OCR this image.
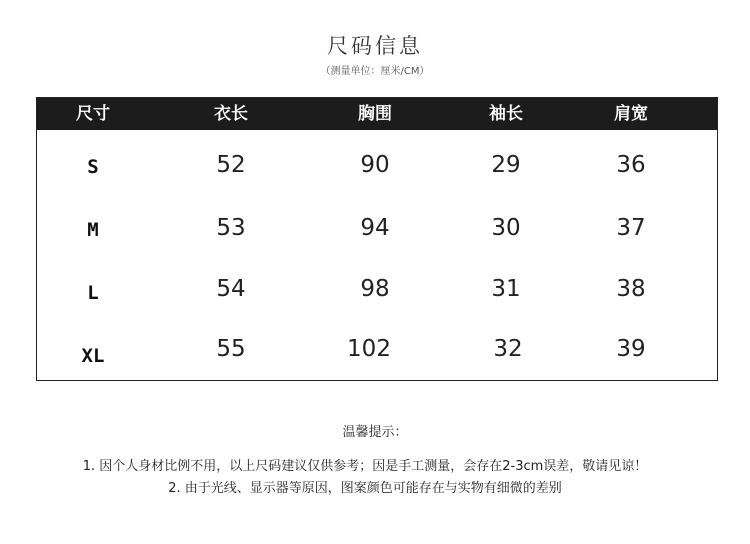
尺码信息
（测量单位：厘米/CM）
尺寸	衣长	胸围	袖长	肩宽
S	52	90	29	36
M	53	94	30	37
L	54	98	31	38
XL	55	102	32	39
温馨提示：
1. 因个人身材比例不用，以上尺码建议仅供参考；因是手工测量，会存在2-3cm误差，敬请见谅！
2. 由于光线、显示器等原因，图案颜色可能存在与实物有细微的差别
